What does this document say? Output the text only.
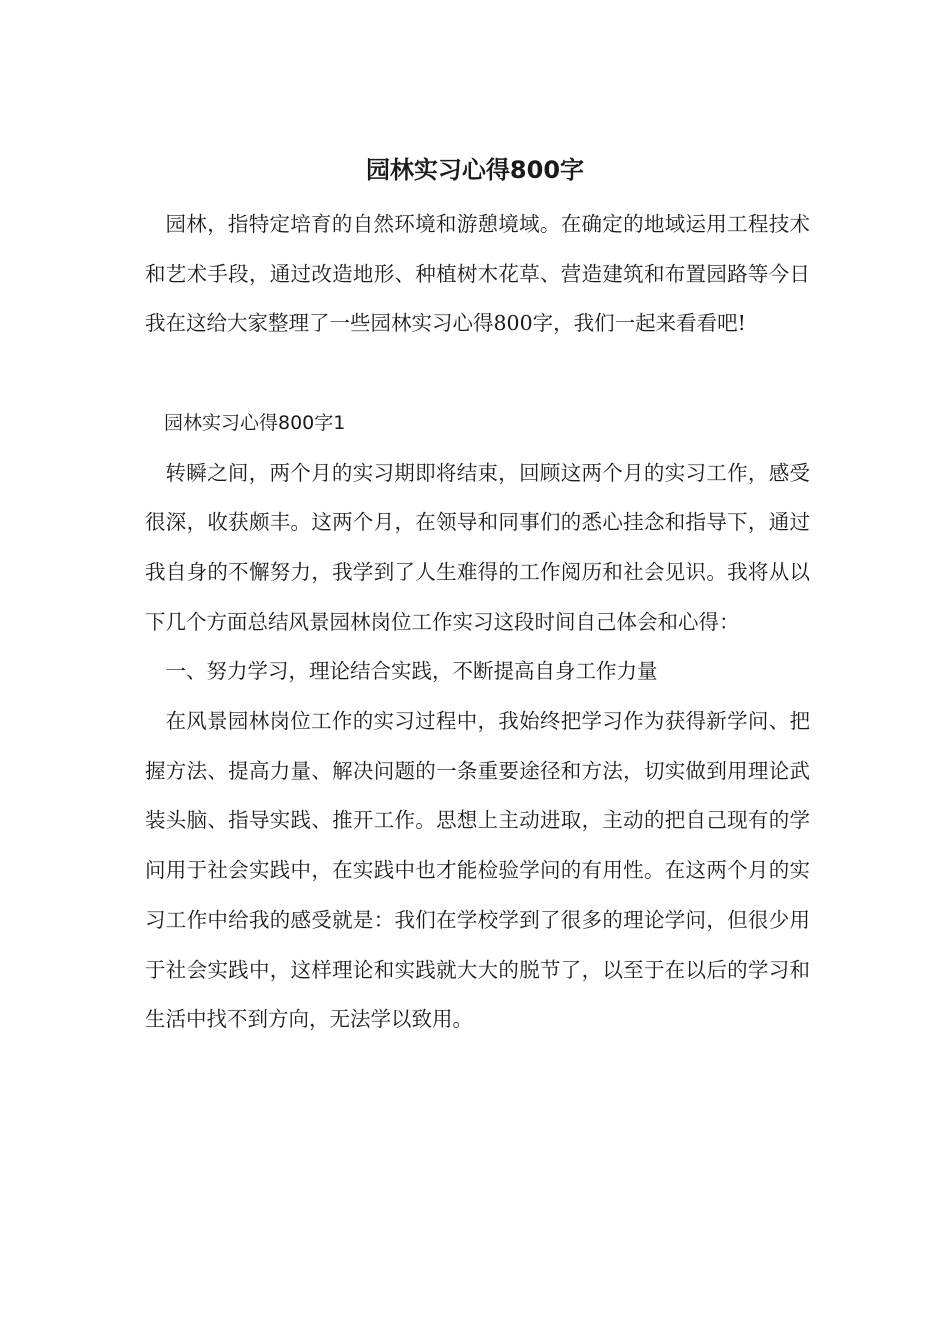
园林实习心得800字

园林，指特定培育的自然环境和游憩境域。在确定的地域运用工程技术和艺术手段，通过改造地形、种植树木花草、营造建筑和布置园路等今日我在这给大家整理了一些园林实习心得800字，我们一起来看看吧!

园林实习心得800字1

转瞬之间，两个月的实习期即将结束，回顾这两个月的实习工作，感受很深，收获颇丰。这两个月，在领导和同事们的悉心挂念和指导下，通过我自身的不懈努力，我学到了人生难得的工作阅历和社会见识。我将从以下几个方面总结风景园林岗位工作实习这段时间自己体会和心得：

一、努力学习，理论结合实践，不断提高自身工作力量

在风景园林岗位工作的实习过程中，我始终把学习作为获得新学问、把握方法、提高力量、解决问题的一条重要途径和方法，切实做到用理论武装头脑、指导实践、推开工作。思想上主动进取，主动的把自己现有的学问用于社会实践中，在实践中也才能检验学问的有用性。在这两个月的实习工作中给我的感受就是：我们在学校学到了很多的理论学问，但很少用于社会实践中，这样理论和实践就大大的脱节了，以至于在以后的学习和生活中找不到方向，无法学以致用。
